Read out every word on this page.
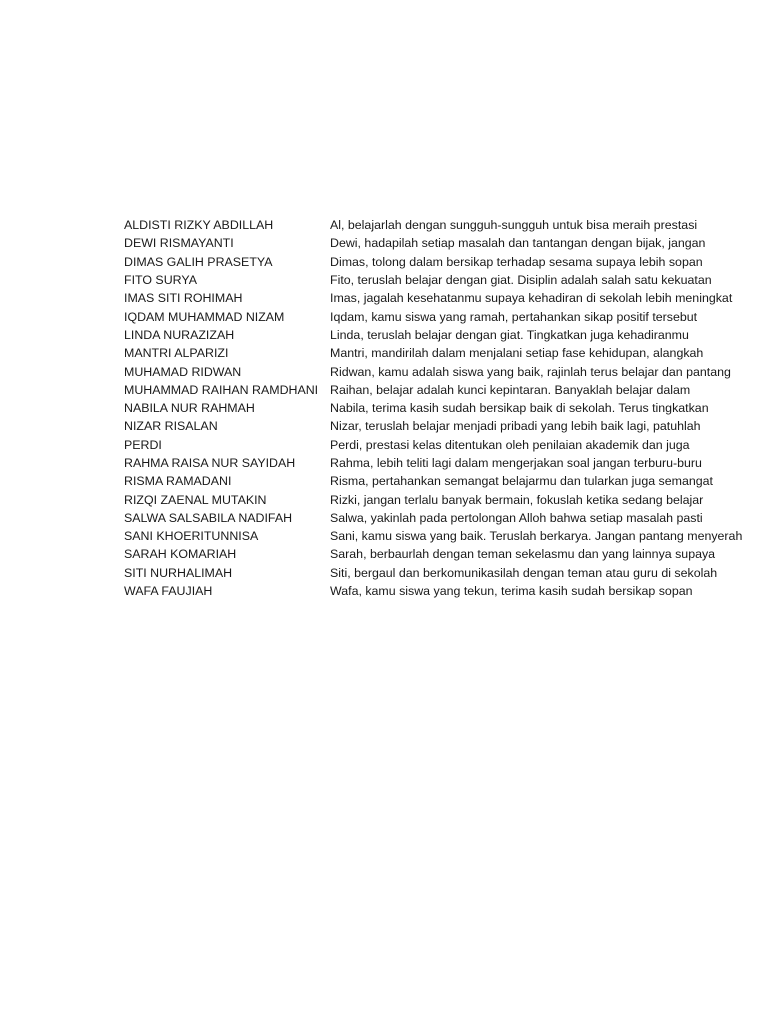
ALDISTI RIZKY ABDILLAH	Al, belajarlah dengan sungguh-sungguh untuk bisa meraih prestasi
DEWI RISMAYANTI	Dewi, hadapilah setiap masalah dan tantangan dengan bijak, jangan
DIMAS GALIH PRASETYA	Dimas, tolong dalam bersikap terhadap sesama supaya lebih sopan
FITO SURYA	Fito, teruslah belajar dengan giat. Disiplin adalah salah satu kekuatan
IMAS SITI ROHIMAH	Imas, jagalah kesehatanmu supaya kehadiran di sekolah lebih meningkat
IQDAM MUHAMMAD NIZAM	Iqdam, kamu siswa yang ramah, pertahankan sikap positif tersebut
LINDA NURAZIZAH	Linda, teruslah belajar dengan giat. Tingkatkan juga kehadiranmu
MANTRI ALPARIZI	Mantri, mandirilah dalam menjalani setiap fase kehidupan, alangkah
MUHAMAD RIDWAN	Ridwan, kamu adalah siswa yang baik, rajinlah terus belajar dan pantang
MUHAMMAD RAIHAN RAMDHANI Raihan, belajar adalah kunci kepintaran. Banyaklah belajar dalam
NABILA NUR RAHMAH	Nabila, terima kasih sudah bersikap baik di sekolah. Terus tingkatkan
NIZAR RISALAN	Nizar, teruslah belajar menjadi pribadi yang lebih baik lagi, patuhlah
PERDI	Perdi, prestasi kelas ditentukan oleh penilaian akademik dan juga
RAHMA RAISA NUR SAYIDAH	Rahma, lebih teliti lagi dalam mengerjakan soal jangan terburu-buru
RISMA RAMADANI	Risma, pertahankan semangat belajarmu dan tularkan juga semangat
RIZQI ZAENAL MUTAKIN	Rizki, jangan terlalu banyak bermain, fokuslah ketika sedang belajar
SALWA SALSABILA NADIFAH	Salwa, yakinlah pada pertolongan Alloh bahwa setiap masalah pasti
SANI KHOERITUNNISA	Sani, kamu siswa yang baik. Teruslah berkarya. Jangan pantang menyerah
SARAH KOMARIAH	Sarah, berbaurlah dengan teman sekelasmu dan yang lainnya supaya
SITI NURHALIMAH	Siti, bergaul dan berkomunikasilah dengan teman atau guru di sekolah
WAFA FAUJIAH	Wafa, kamu siswa yang tekun, terima kasih sudah bersikap sopan
